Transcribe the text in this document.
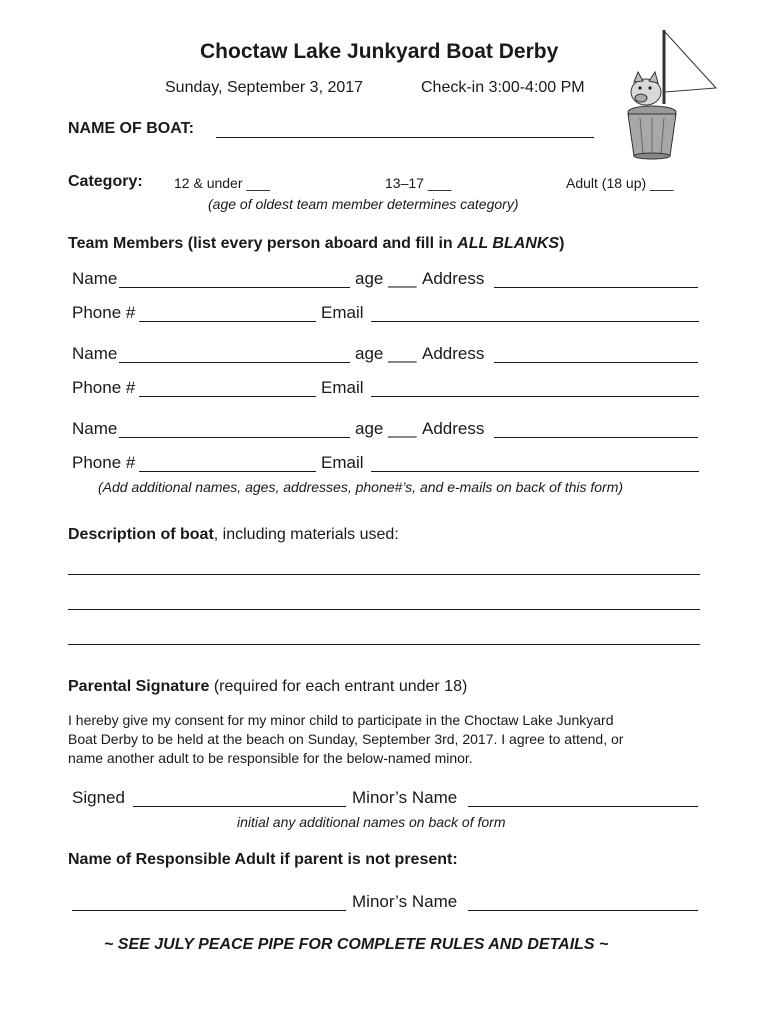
Choctaw Lake Junkyard Boat Derby
Sunday, September 3, 2017	Check-in 3:00-4:00 PM
NAME OF BOAT:
Category: 12 & under ___	13–17 ___	Adult (18 up) ___
(age of oldest team member determines category)
Team Members (list every person aboard and fill in ALL BLANKS)
Name	age ___ Address
Phone #	Email
Name	age ___ Address
Phone #	Email
Name	age ___ Address
Phone #	Email
(Add additional names, ages, addresses, phone#’s, and e-mails on back of this form)
Description of boat, including materials used:
Parental Signature (required for each entrant under 18)
I hereby give my consent for my minor child to participate in the Choctaw Lake Junkyard
Boat Derby to be held at the beach on Sunday, September 3rd, 2017. I agree to attend, or
name another adult to be responsible for the below-named minor.
Signed	Minor’s Name
initial any additional names on back of form
Name of Responsible Adult if parent is not present:
Minor’s Name
~ SEE JULY PEACE PIPE FOR COMPLETE RULES AND DETAILS ~
